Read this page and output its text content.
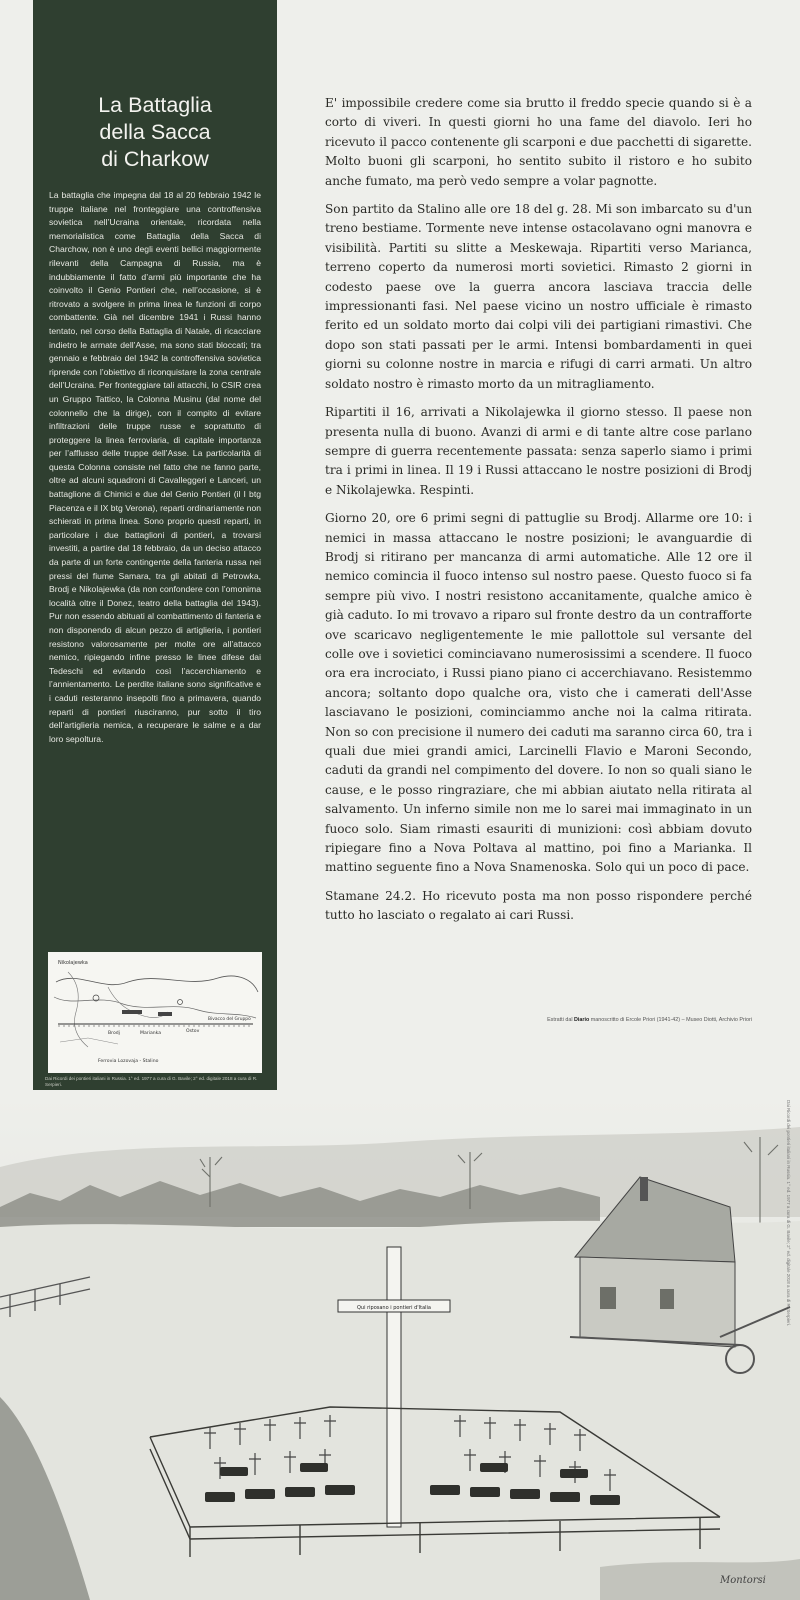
La Battaglia
della Sacca
di Charkow

La battaglia che impegna dal 18 al 20 febbraio 1942 le truppe italiane nel fronteggiare una controffensiva sovietica nell’Ucraina orientale, ricordata nella memorialistica come Battaglia della Sacca di Charchow, non è uno degli eventi bellici maggiormente rilevanti della Campagna di Russia, ma è indubbiamente il fatto d’armi più importante che ha coinvolto il Genio Pontieri che, nell’occasione, si è ritrovato a svolgere in prima linea le funzioni di corpo combattente. Già nel dicembre 1941 i Russi hanno tentato, nel corso della Battaglia di Natale, di ricacciare indietro le armate dell’Asse, ma sono stati bloccati; tra gennaio e febbraio del 1942 la controffensiva sovietica riprende con l’obiettivo di riconquistare la zona centrale dell’Ucraina. Per fronteggiare tali attacchi, lo CSIR crea un Gruppo Tattico, la Colonna Musinu (dal nome del colonnello che la dirige), con il compito di evitare infiltrazioni delle truppe russe e soprattutto di proteggere la linea ferroviaria, di capitale importanza per l’afflusso delle truppe dell’Asse. La particolarità di questa Colonna consiste nel fatto che ne fanno parte, oltre ad alcuni squadroni di Cavalleggeri e Lanceri, un battaglione di Chimici e due del Genio Pontieri (il I btg Piacenza e il IX btg Verona), reparti ordinariamente non schierati in prima linea. Sono proprio questi reparti, in particolare i due battaglioni di pontieri, a trovarsi investiti, a partire dal 18 febbraio, da un deciso attacco da parte di un forte contingente della fanteria russa nei pressi del fiume Samara, tra gli abitati di Petrowka, Brodj e Nikolajewka (da non confondere con l’omonima località oltre il Donez, teatro della battaglia del 1943). Pur non essendo abituati al combattimento di fanteria e non disponendo di alcun pezzo di artiglieria, i pontieri resistono valorosamente per molte ore all’attacco nemico, ripiegando infine presso le linee difese dai Tedeschi ed evitando così l’accerchiamento e l’annientamento. Le perdite italiane sono significative e i caduti resteranno insepolti fino a primavera, quando reparti di pontieri riusciranno, pur sotto il tiro dell’artiglieria nemica, a recuperare le salme e a dar loro sepoltura.

Nikolajewka
Brodj	Marianka	Ostov
Bivacco del Gruppo
Ferrovia Lozovaja - Stalino
Dai Ricordi dei pontieri italiani in Russia. 1° ed. 1977 a cura di G. Bavile; 2° ed. digitale 2018 a cura di R. Serpieri.

E' impossibile credere come sia brutto il freddo specie quando si è a corto di viveri. In questi giorni ho una fame del diavolo. Ieri ho ricevuto il pacco contenente gli scarponi e due pacchetti di sigarette. Molto buoni gli scarponi, ho sentito subito il ristoro e ho subito anche fumato, ma però vedo sempre a volar pagnotte.

Son partito da Stalino alle ore 18 del g. 28. Mi son imbarcato su d'un treno bestiame. Tormente neve intense ostacolavano ogni manovra e visibilità. Partiti su slitte a Meskewaja. Ripartiti verso Marianca, terreno coperto da numerosi morti sovietici. Rimasto 2 giorni in codesto paese ove la guerra ancora lasciava traccia delle impressionanti fasi. Nel paese vicino un nostro ufficiale è rimasto ferito ed un soldato morto dai colpi vili dei partigiani rimastivi. Che dopo son stati passati per le armi. Intensi bombardamenti in quei giorni su colonne nostre in marcia e rifugi di carri armati. Un altro soldato nostro è rimasto morto da un mitragliamento.

Ripartiti il 16, arrivati a Nikolajewka il giorno stesso. Il paese non presenta nulla di buono. Avanzi di armi e di tante altre cose parlano sempre di guerra recentemente passata: senza saperlo siamo i primi tra i primi in linea. Il 19 i Russi attaccano le nostre posizioni di Brodj e Nikolajewka. Respinti.

Giorno 20, ore 6 primi segni di pattuglie su Brodj. Allarme ore 10: i nemici in massa attaccano le nostre posizioni; le avanguardie di Brodj si ritirano per mancanza di armi automatiche. Alle 12 ore il nemico comincia il fuoco intenso sul nostro paese. Questo fuoco si fa sempre più vivo. I nostri resistono accanitamente, qualche amico è già caduto. Io mi trovavo a riparo sul fronte destro da un contrafforte ove scaricavo negligentemente le mie pallottole sul versante del colle ove i sovietici cominciavano numerosissimi a scendere. Il fuoco ora era incrociato, i Russi piano piano ci accerchiavano. Resistemmo ancora; soltanto dopo qualche ora, visto che i camerati dell'Asse lasciavano le posizioni, cominciammo anche noi la calma ritirata. Non so con precisione il numero dei caduti ma saranno circa 60, tra i quali due miei grandi amici, Larcinelli Flavio e Maroni Secondo, caduti da grandi nel compimento del dovere. Io non so quali siano le cause, e le posso ringraziare, che mi abbian aiutato nella ritirata al salvamento. Un inferno simile non me lo sarei mai immaginato in un fuoco solo. Siam rimasti esauriti di munizioni: così abbiam dovuto ripiegare fino a Nova Poltava al mattino, poi fino a Marianka. Il mattino seguente fino a Nova Snamenoska. Solo qui un poco di pace.

Stamane 24.2. Ho ricevuto posta ma non posso rispondere perché tutto ho lasciato o regalato ai cari Russi.

Estratti dal Diario manoscritto di Ercole Priori (1941-42) – Museo Diotti, Archivio Priori
Qui riposano i pontieri d'Italia
Montorsi
Dai Ricordi dei pontieri italiani in Russia. 1° ed. 1977 a cura di G. Bavile; 2° ed. digitale 2018 a cura di R. Serpieri.
